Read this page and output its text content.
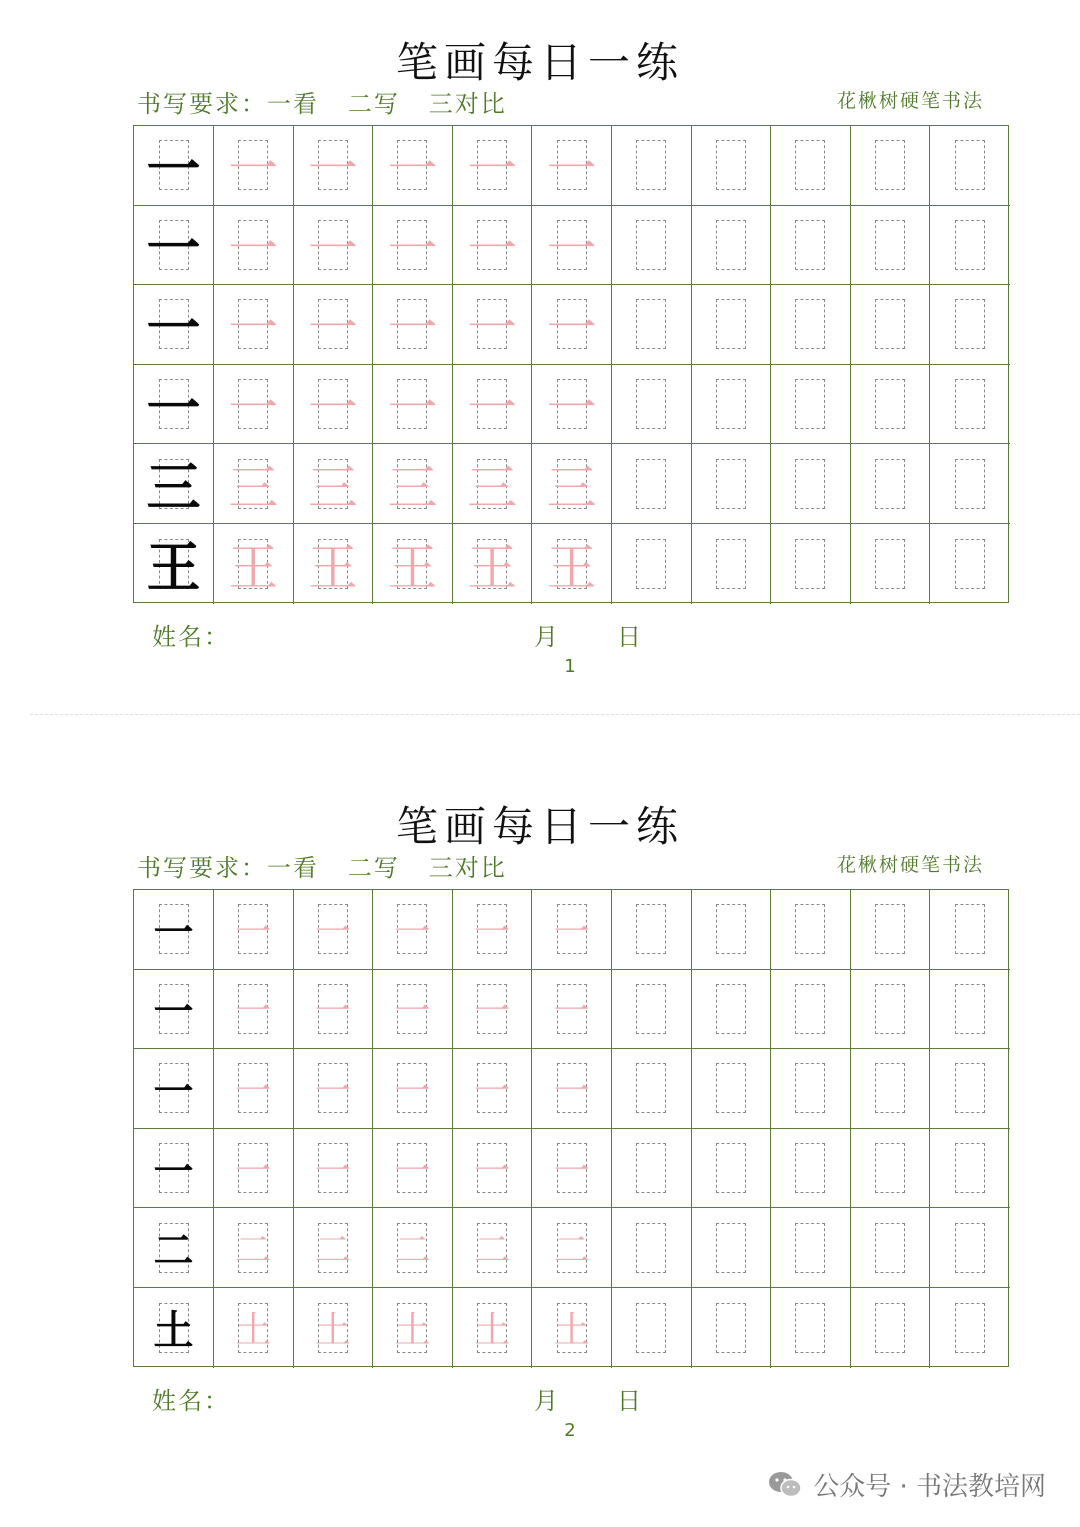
笔画每日一练
书写要求：一看   二写   三对比	花楸树硬笔书法
一 一 一 一 一 一
一 一 一 一 一 一
一 一 一 一 一 一
一 一 一 一 一 一
三 三 三 三 三 三
王 王 王 王 王 王
姓名：	月 日
1
笔画每日一练
书写要求：一看   二写   三对比	花楸树硬笔书法
一	一	一	一	一	一
一	一	一	一	一	一
一	一	一	一	一	一
一	一	一	一	一	一
二	二	二	二	二	二
土	土	土	土	土	土
姓名：	月 日
2
公众号 · 书法教培网
